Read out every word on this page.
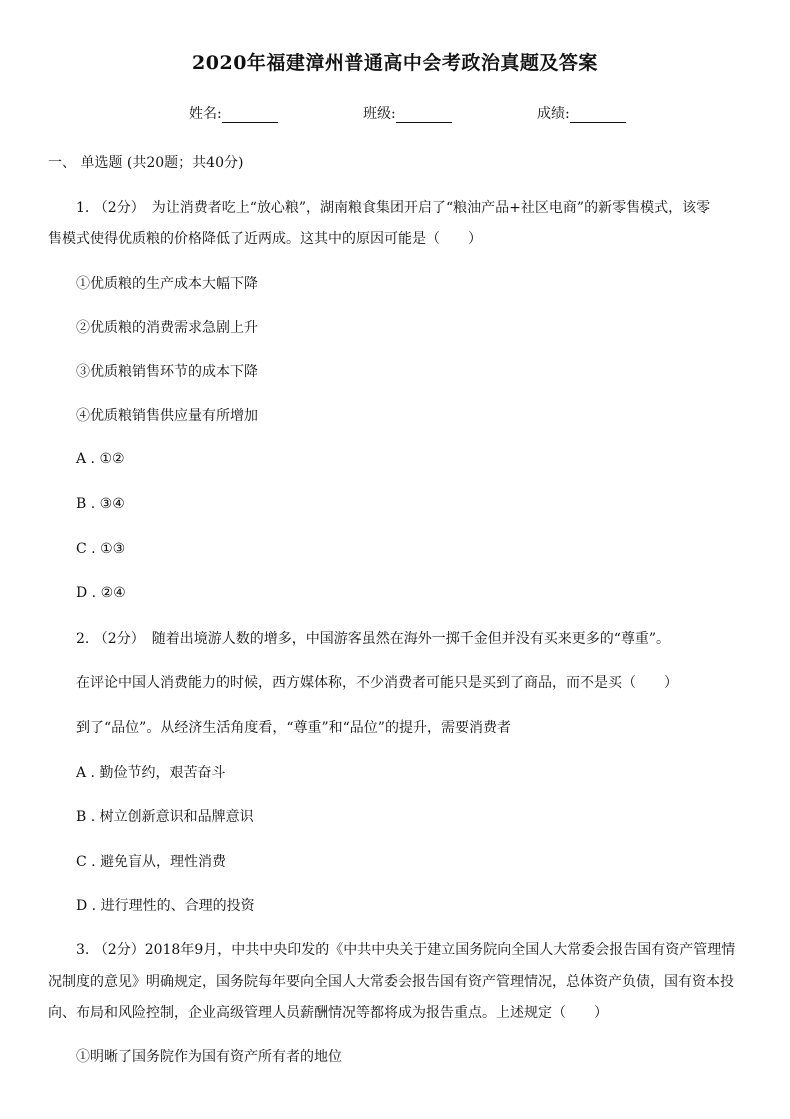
2020年福建漳州普通高中会考政治真题及答案
姓名:	班级:	成绩:
一、 单选题 (共20题；共40分)
1. （2分）　为让消费者吃上“放心粮”，湖南粮食集团开启了“粮油产品+社区电商”的新零售模式，该零
售模式使得优质粮的价格降低了近两成。这其中的原因可能是（　　）
①优质粮的生产成本大幅下降
②优质粮的消费需求急剧上升
③优质粮销售环节的成本下降
④优质粮销售供应量有所增加
A . ①②
B . ③④
C . ①③
D . ②④
2. （2分）　随着出境游人数的增多，中国游客虽然在海外一掷千金但并没有买来更多的“尊重”。
在评论中国人消费能力的时候，西方媒体称，不少消费者可能只是买到了商品，而不是买（　　）
到了“品位”。从经济生活角度看，“尊重”和“品位”的提升，需要消费者
A . 勤俭节约，艰苦奋斗
B . 树立创新意识和品牌意识
C . 避免盲从，理性消费
D . 进行理性的、合理的投资
3. （2分）2018年9月，中共中央印发的《中共中央关于建立国务院向全国人大常委会报告国有资产管理情
况制度的意见》明确规定，国务院每年要向全国人大常委会报告国有资产管理情况，总体资产负债，国有资本投
向、布局和风险控制，企业高级管理人员薪酬情况等都将成为报告重点。上述规定（　　）
①明晰了国务院作为国有资产所有者的地位
